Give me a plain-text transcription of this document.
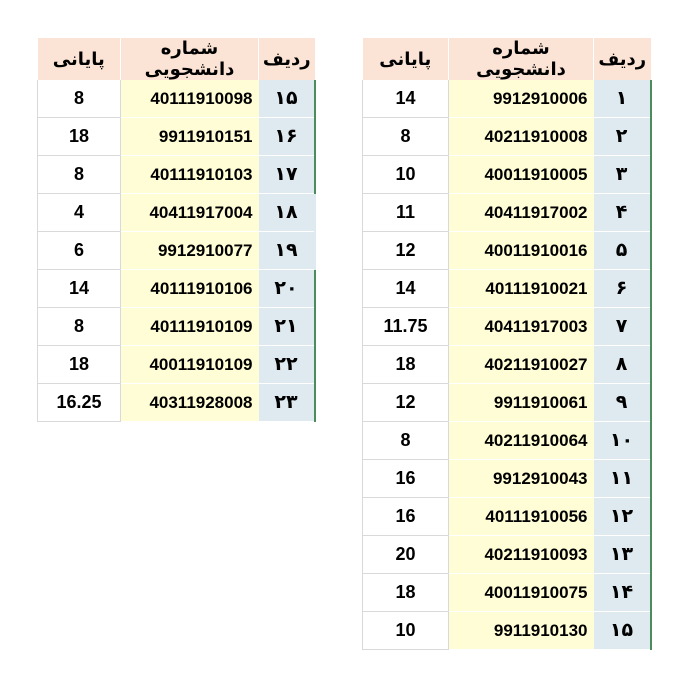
پایانی	شماره دانشجویی	ردیف
8	40111910098	۱۵
18	9911910151	۱۶
8	40111910103	۱۷
4	40411917004	۱۸
6	9912910077	۱۹
14	40111910106	۲۰
8	40111910109	۲۱
18	40011910109	۲۲
16.25	40311928008	۲۳
پایانی	شماره دانشجویی	ردیف
14	9912910006	۱
8	40211910008	۲
10	40011910005	۳
11	40411917002	۴
12	40011910016	۵
14	40111910021	۶
11.75	40411917003	۷
18	40211910027	۸
12	9911910061	۹
8	40211910064	۱۰
16	9912910043	۱۱
16	40111910056	۱۲
20	40211910093	۱۳
18	40011910075	۱۴
10	9911910130	۱۵
